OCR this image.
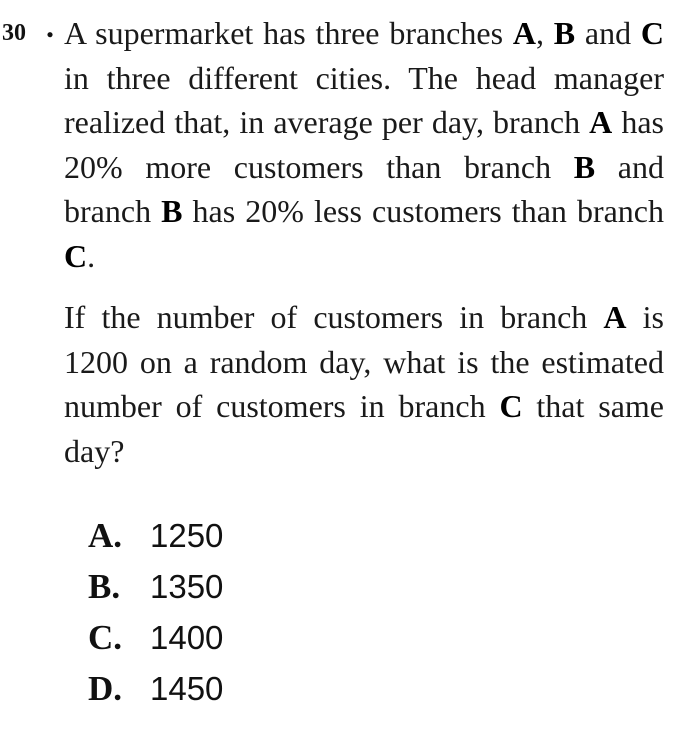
30 . A supermarket has three branches A, B and C in three different cities. The head manager realized that, in average per day, branch A has 20% more customers than branch B and branch B has 20% less customers than branch C.

If the number of customers in branch A is 1200 on a random day, what is the estimated number of customers in branch C that same day?

A. 1250
B. 1350
C. 1400
D. 1450
